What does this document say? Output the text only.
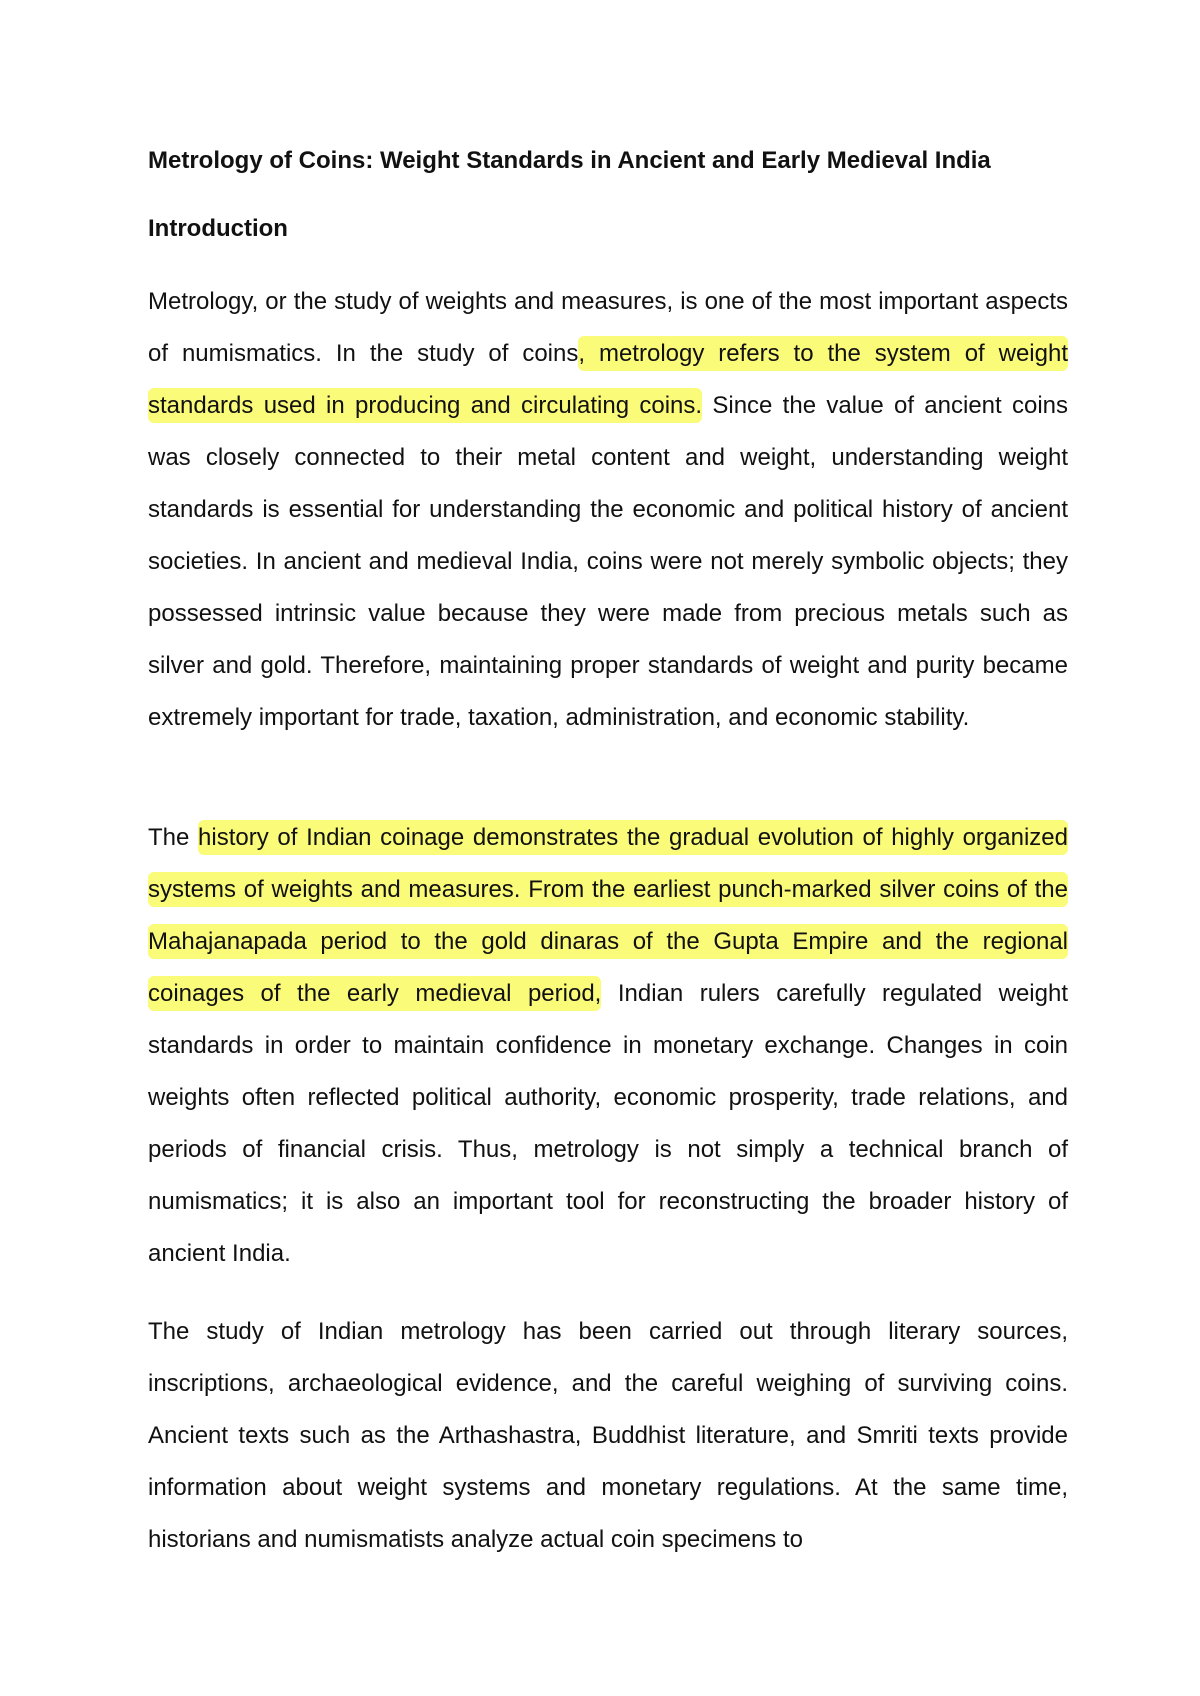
Metrology of Coins: Weight Standards in Ancient and Early Medieval India
Introduction

Metrology, or the study of weights and measures, is one of the most important aspects of numismatics. In the study of coins, metrology refers to the system of weight standards used in producing and circulating coins. Since the value of ancient coins was closely connected to their metal content and weight, understanding weight standards is essential for understanding the economic and political history of ancient societies. In ancient and medieval India, coins were not merely symbolic objects; they possessed intrinsic value because they were made from precious metals such as silver and gold. Therefore, maintaining proper standards of weight and purity became extremely important for trade, taxation, administration, and economic stability.

The history of Indian coinage demonstrates the gradual evolution of highly organized systems of weights and measures. From the earliest punch-marked silver coins of the Mahajanapada period to the gold dinaras of the Gupta Empire and the regional coinages of the early medieval period, Indian rulers carefully regulated weight standards in order to maintain confidence in monetary exchange. Changes in coin weights often reflected political authority, economic prosperity, trade relations, and periods of financial crisis. Thus, metrology is not simply a technical branch of numismatics; it is also an important tool for reconstructing the broader history of ancient India.

The study of Indian metrology has been carried out through literary sources, inscriptions, archaeological evidence, and the careful weighing of surviving coins. Ancient texts such as the Arthashastra, Buddhist literature, and Smriti texts provide information about weight systems and monetary regulations. At the same time, historians and numismatists analyze actual coin specimens to
